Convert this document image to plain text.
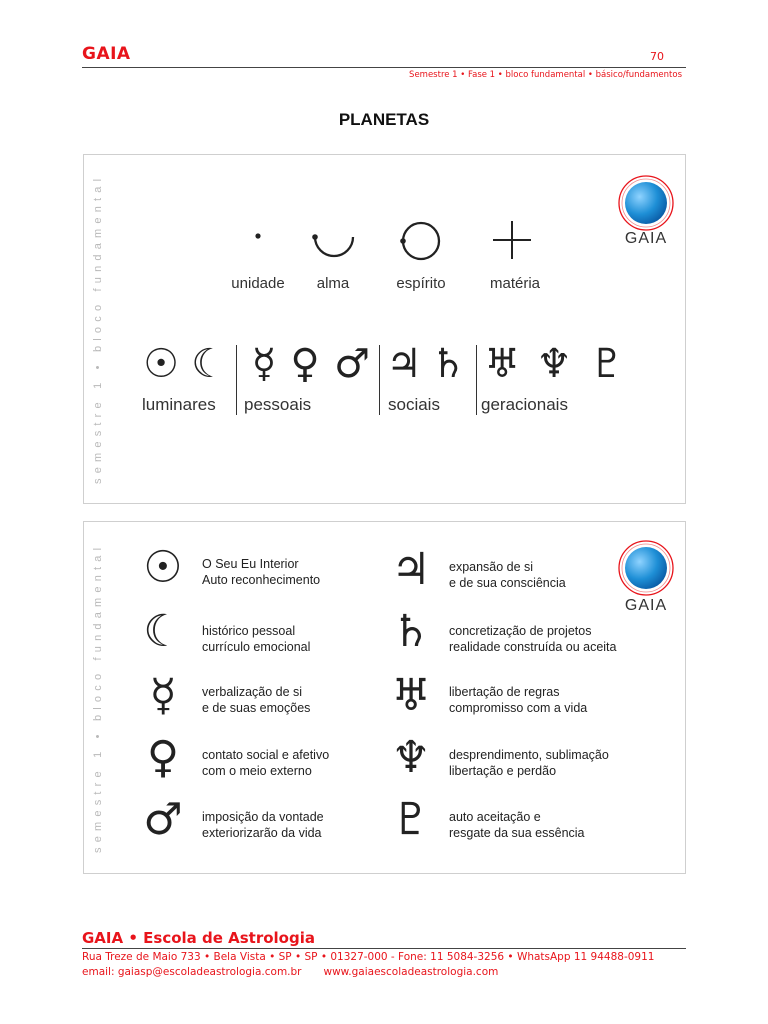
GAIA	70
Semestre 1 • Fase 1 • bloco fundamental • básico/fundamentos
PLANETAS
semestre 1 • bloco fundamental	GAIA
unidade	alma	espírito	matéria
☉ ☾
luminares
☿ ♀ ♂
pessoais
♃ ♄
sociais
♅ ♆ ♇
geracionais
semestre 1 • bloco fundamental	GAIA
☉	O Seu Eu Interior
Auto reconhecimento
☾	histórico pessoal
currículo emocional
☿	verbalização de si
e de suas emoções
♀	contato social e afetivo
com o meio externo
♂	imposição da vontade
exteriorizarão da vida
♃	expansão de si
e de sua consciência
♄	concretização de projetos
realidade construída ou aceita
♅	libertação de regras
compromisso com a vida
♆	desprendimento, sublimação
libertação e perdão
♇	auto aceitação e
resgate da sua essência
GAIA • Escola de Astrologia
Rua Treze de Maio 733 • Bela Vista • SP • SP • 01327-000 - Fone: 11 5084-3256 • WhatsApp 11 94488-0911
email: gaiasp@escoladeastrologia.com.br www.gaiaescoladeastrologia.com
